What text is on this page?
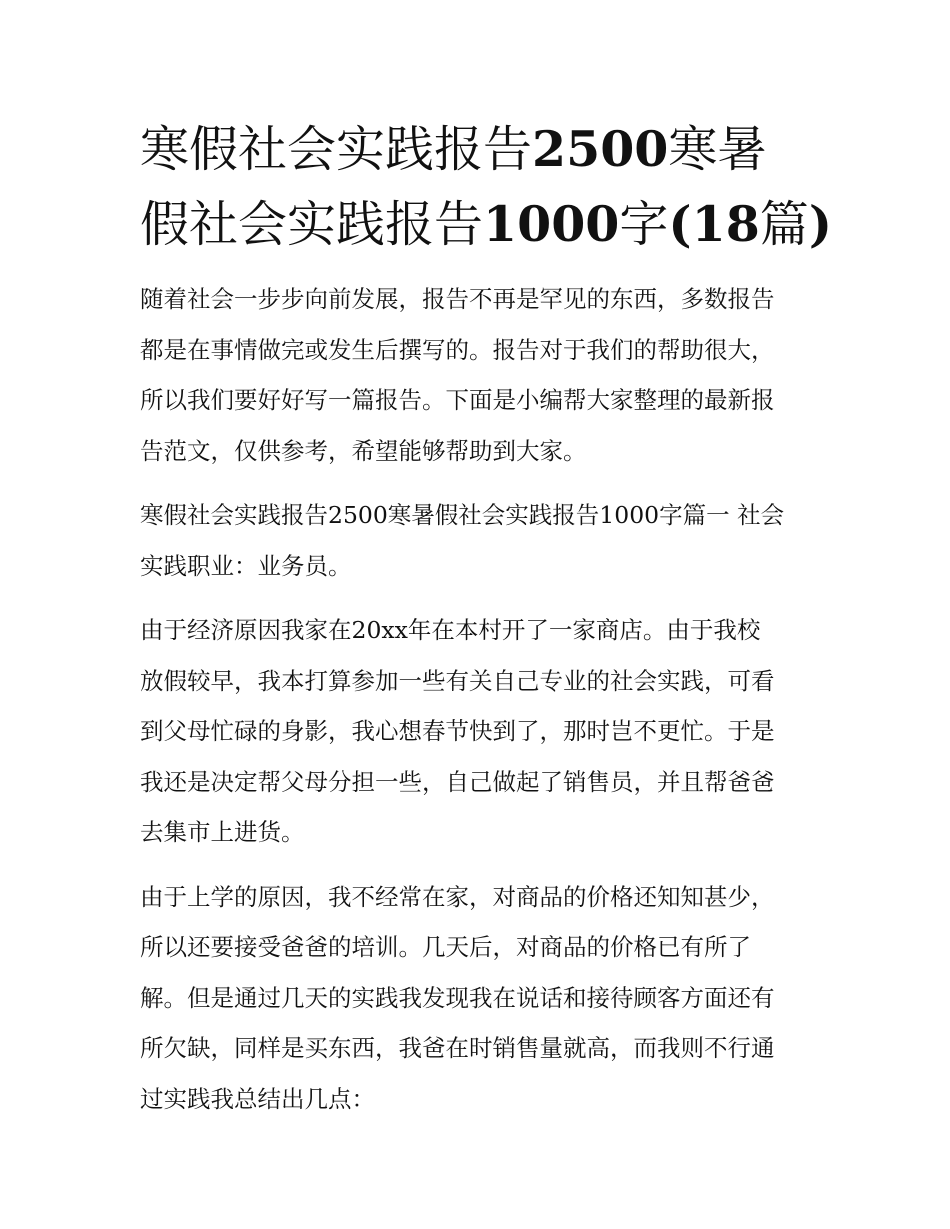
寒假社会实践报告2500寒暑
假社会实践报告1000字(18篇)
随着社会一步步向前发展，报告不再是罕见的东西，多数报告
都是在事情做完或发生后撰写的。报告对于我们的帮助很大，
所以我们要好好写一篇报告。下面是小编帮大家整理的最新报
告范文，仅供参考，希望能够帮助到大家。
寒假社会实践报告2500寒暑假社会实践报告1000字篇一 社会
实践职业：业务员。
由于经济原因我家在20xx年在本村开了一家商店。由于我校
放假较早，我本打算参加一些有关自己专业的社会实践，可看
到父母忙碌的身影，我心想春节快到了，那时岂不更忙。于是
我还是决定帮父母分担一些，自己做起了销售员，并且帮爸爸
去集市上进货。
由于上学的原因，我不经常在家，对商品的价格还知知甚少，
所以还要接受爸爸的培训。几天后，对商品的价格已有所了
解。但是通过几天的实践我发现我在说话和接待顾客方面还有
所欠缺，同样是买东西，我爸在时销售量就高，而我则不行通
过实践我总结出几点：
